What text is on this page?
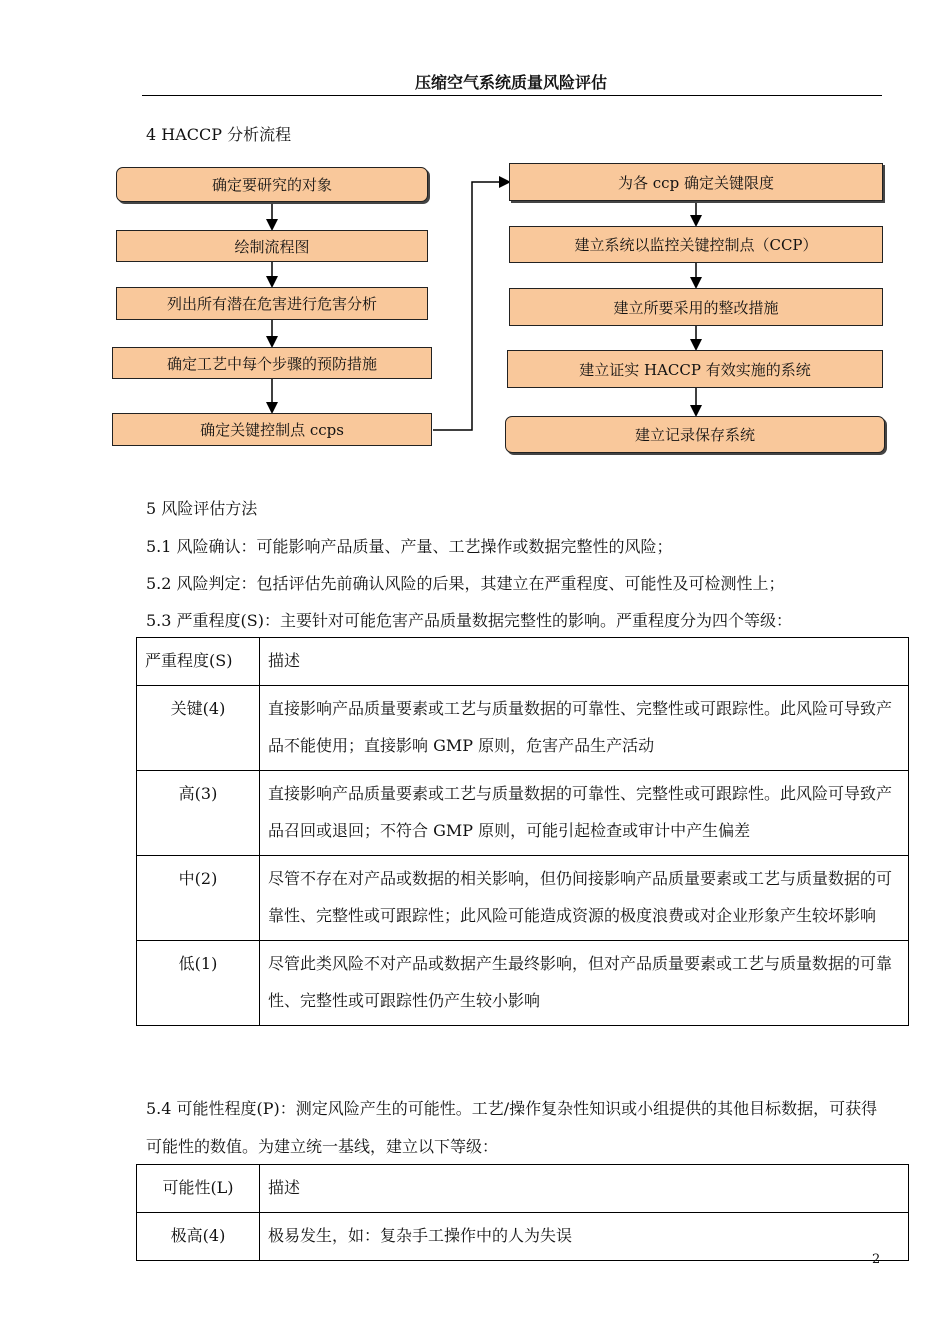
压缩空气系统质量风险评估
4 HACCP 分析流程
确定要研究的对象
绘制流程图
列出所有潜在危害进行危害分析
确定工艺中每个步骤的预防措施
确定关键控制点 ccps
为各 ccp 确定关键限度
建立系统以监控关键控制点（CCP）
建立所要采用的整改措施
建立证实 HACCP 有效实施的系统
建立记录保存系统
5 风险评估方法
5.1 风险确认：可能影响产品质量、产量、工艺操作或数据完整性的风险；
5.2 风险判定：包括评估先前确认风险的后果，其建立在严重程度、可能性及可检测性上；
5.3 严重程度(S)：主要针对可能危害产品质量数据完整性的影响。严重程度分为四个等级：
严重程度(S)	描述
关键(4)	直接影响产品质量要素或工艺与质量数据的可靠性、完整性或可跟踪性。此风险可导致产品不能使用；直接影响 GMP 原则，危害产品生产活动
高(3)	直接影响产品质量要素或工艺与质量数据的可靠性、完整性或可跟踪性。此风险可导致产品召回或退回；不符合 GMP 原则，可能引起检查或审计中产生偏差
中(2)	尽管不存在对产品或数据的相关影响，但仍间接影响产品质量要素或工艺与质量数据的可靠性、完整性或可跟踪性；此风险可能造成资源的极度浪费或对企业形象产生较坏影响
低(1)	尽管此类风险不对产品或数据产生最终影响，但对产品质量要素或工艺与质量数据的可靠性、完整性或可跟踪性仍产生较小影响
5.4 可能性程度(P)：测定风险产生的可能性。工艺/操作复杂性知识或小组提供的其他目标数据，可获得可能性的数值。为建立统一基线，建立以下等级：
可能性(L)	描述
极高(4)	极易发生，如：复杂手工操作中的人为失误
2
